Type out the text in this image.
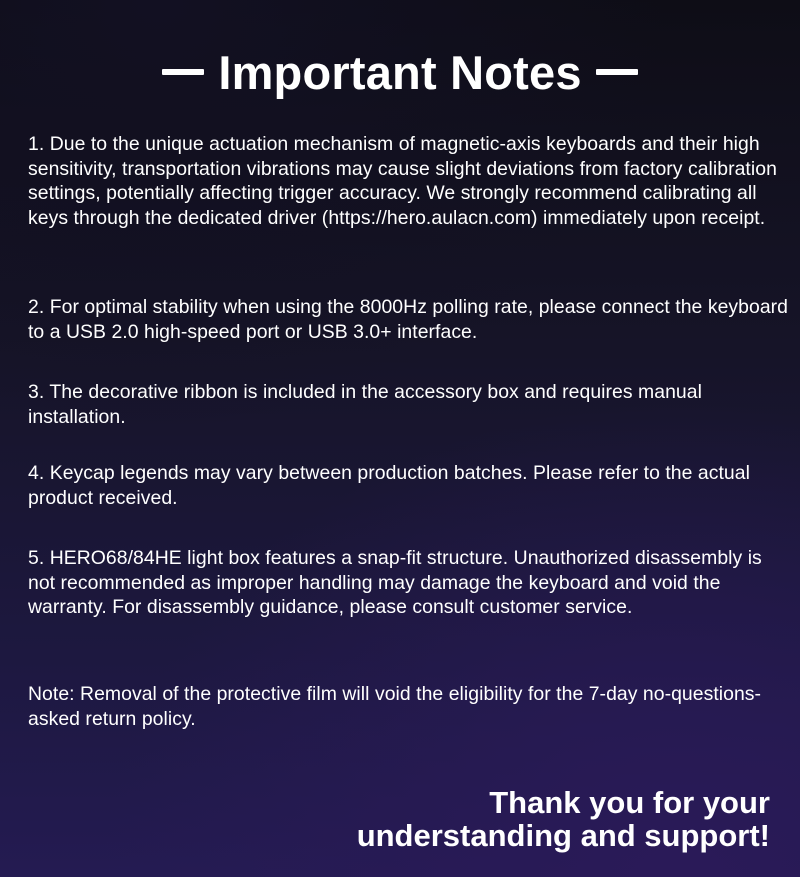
Important Notes

1. Due to the unique actuation mechanism of magnetic-axis keyboards and their high sensitivity, transportation vibrations may cause slight deviations from factory calibration settings, potentially affecting trigger accuracy. We strongly recommend calibrating all keys through the dedicated driver (https://hero.aulacn.com) immediately upon receipt.

2. For optimal stability when using the 8000Hz polling rate, please connect the keyboard to a USB 2.0 high-speed port or USB 3.0+ interface.

3. The decorative ribbon is included in the accessory box and requires manual installation.

4. Keycap legends may vary between production batches. Please refer to the actual product received.

5. HERO68/84HE light box features a snap-fit structure. Unauthorized disassembly is not recommended as improper handling may damage the keyboard and void the warranty. For disassembly guidance, please consult customer service.

Note: Removal of the protective film will void the eligibility for the 7-day no-questions-asked return policy.

Thank you for your
understanding and support!
